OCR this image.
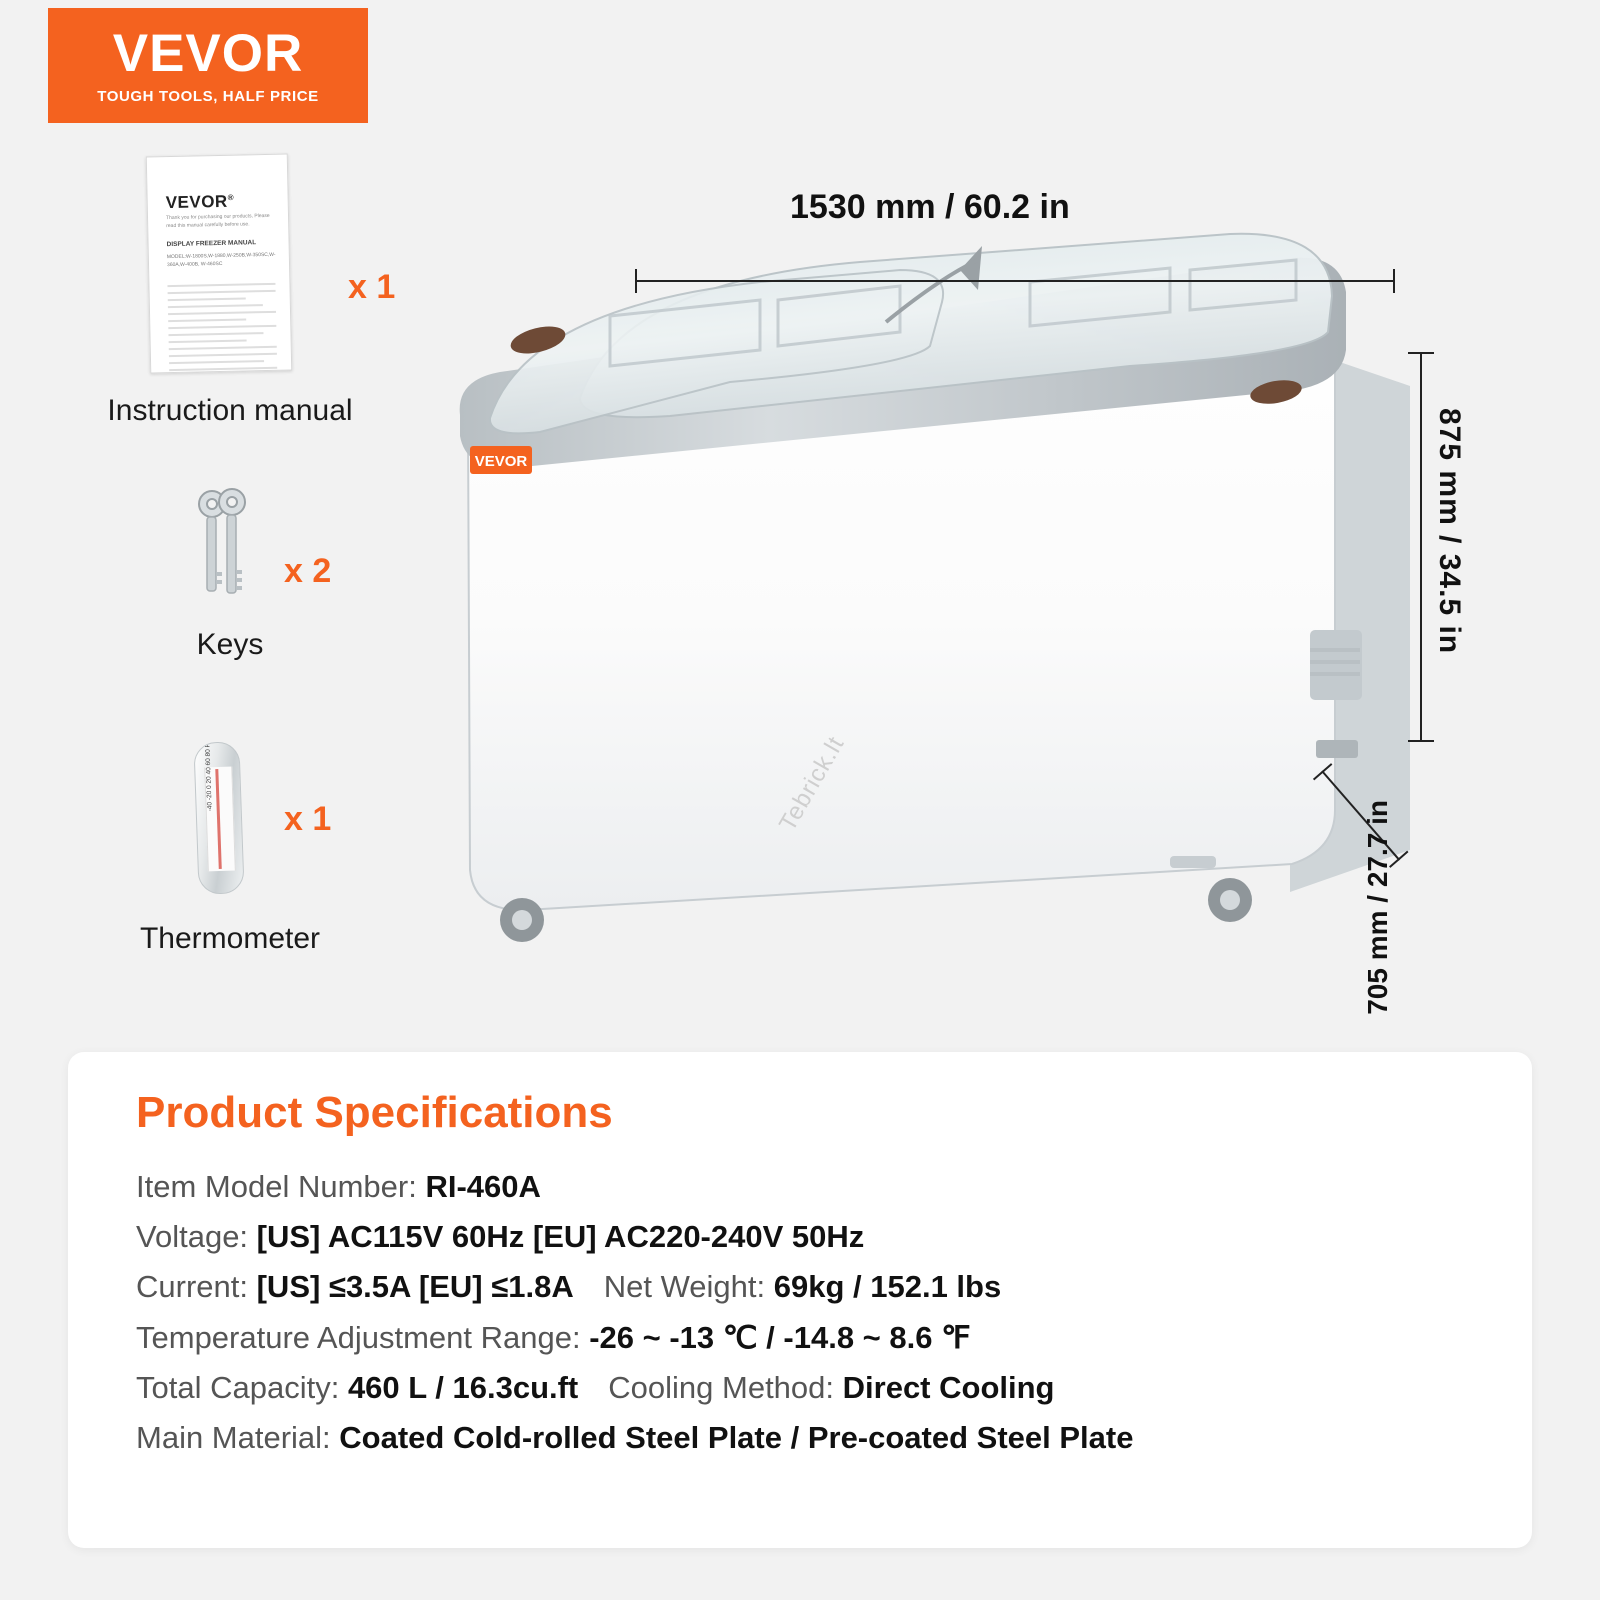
VEVOR
TOUGH TOOLS, HALF PRICE
VEVOR®
Thank you for purchasing our products, Please read this manual carefully before use.
DISPLAY FREEZER MANUAL
MODEL:W-1800S,W-1880,W-250B,W-350SC,W-360A,W-400B, W-460SC
x 1
Instruction manual
x 2
Keys
x 1
Thermometer
VEVOR
Tebrick.lt
1530 mm / 60.2 in
875 mm / 34.5 in
705 mm / 27.7 in
Product Specifications
Item Model Number: RI-460A
Voltage: [US] AC115V 60Hz [EU] AC220-240V 50Hz
Current: [US] ≤3.5A [EU] ≤1.8A Net Weight: 69kg / 152.1 lbs
Temperature Adjustment Range: -26 ~ -13 ℃ / -14.8 ~ 8.6 ℉
Total Capacity: 460 L / 16.3cu.ft Cooling Method: Direct Cooling
Main Material: Coated Cold-rolled Steel Plate / Pre-coated Steel Plate
